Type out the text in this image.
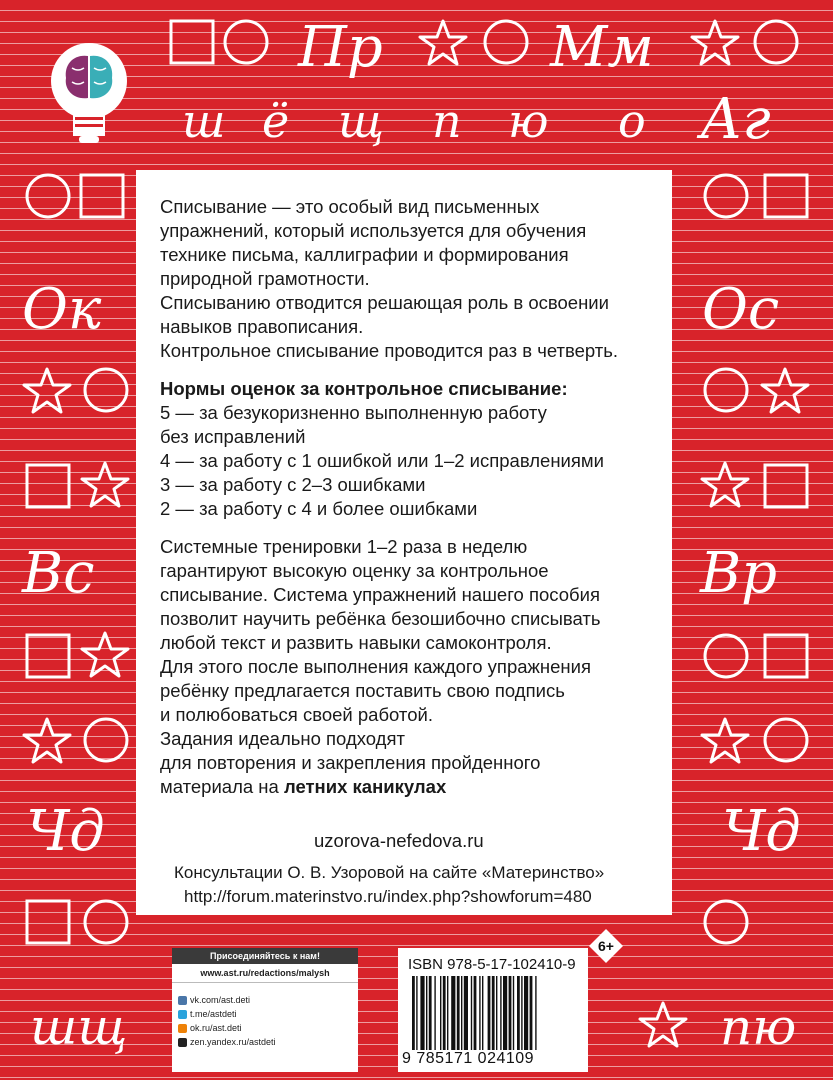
Пр	Мм
ш ё щ п ю о Аг
Ок
Вс
Чд
шщ
Ос
Вр
Чд
пю
Списывание — это особый вид письменных
упражнений, который используется для обучения
технике письма, каллиграфии и формирования
природной грамотности.
Списыванию отводится решающая роль в освоении
навыков правописания.
Контрольное списывание проводится раз в четверть.
Нормы оценок за контрольное списывание:
5 — за безукоризненно выполненную работу
без исправлений
4 — за работу с 1 ошибкой или 1–2 исправлениями
3 — за работу с 2–3 ошибками
2 — за работу с 4 и более ошибками
Системные тренировки 1–2 раза в неделю
гарантируют высокую оценку за контрольное
списывание. Система упражнений нашего пособия
позволит научить ребёнка безошибочно списывать
любой текст и развить навыки самоконтроля.
Для этого после выполнения каждого упражнения
ребёнку предлагается поставить свою подпись
и полюбоваться своей работой.
Задания идеально подходят
для повторения и закрепления пройденного
материала на летних каникулах
uzorova-nefedova.ru
Консультации О. В. Узоровой на сайте «Материнство»
http://forum.materinstvo.ru/index.php?showforum=480
Присоединяйтесь к нам!
www.ast.ru/redactions/malysh
vk.com/ast.deti
t.me/astdeti
ok.ru/ast.deti
zen.yandex.ru/astdeti
ISBN 978-5-17-102410-9
9 785171 024109
6+
